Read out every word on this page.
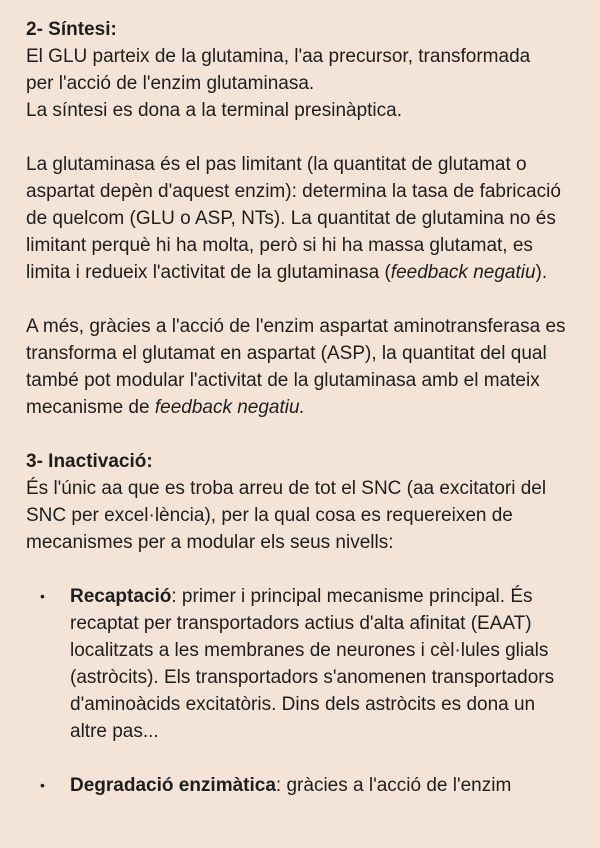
2- Síntesi:

El GLU parteix de la glutamina, l'aa precursor, transformada
per l'acció de l'enzim glutaminasa.
La síntesi es dona a la terminal presinàptica.

La glutaminasa és el pas limitant (la quantitat de glutamat o aspartat depèn d'aquest enzim): determina la tasa de fabricació de quelcom (GLU o ASP, NTs). La quantitat de glutamina no és limitant perquè hi ha molta, però si hi ha massa glutamat, es limita i redueix l'activitat de la glutaminasa (feedback negatiu).

A més, gràcies a l'acció de l'enzim aspartat aminotransferasa es transforma el glutamat en aspartat (ASP), la quantitat del qual també pot modular l'activitat de la glutaminasa amb el mateix mecanisme de feedback negatiu.

3- Inactivació:

És l'únic aa que es troba arreu de tot el SNC (aa excitatori del SNC per excel·lència), per la qual cosa es requereixen de mecanismes per a modular els seus nivells:

• Recaptació: primer i principal mecanisme principal. És recaptat per transportadors actius d'alta afinitat (EAAT) localitzats a les membranes de neurones i cèl·lules glials (astròcits). Els transportadors s'anomenen transportadors d'aminoàcids excitatòris. Dins dels astròcits es dona un altre pas...
• Degradació enzimàtica: gràcies a l'acció de l'enzim
